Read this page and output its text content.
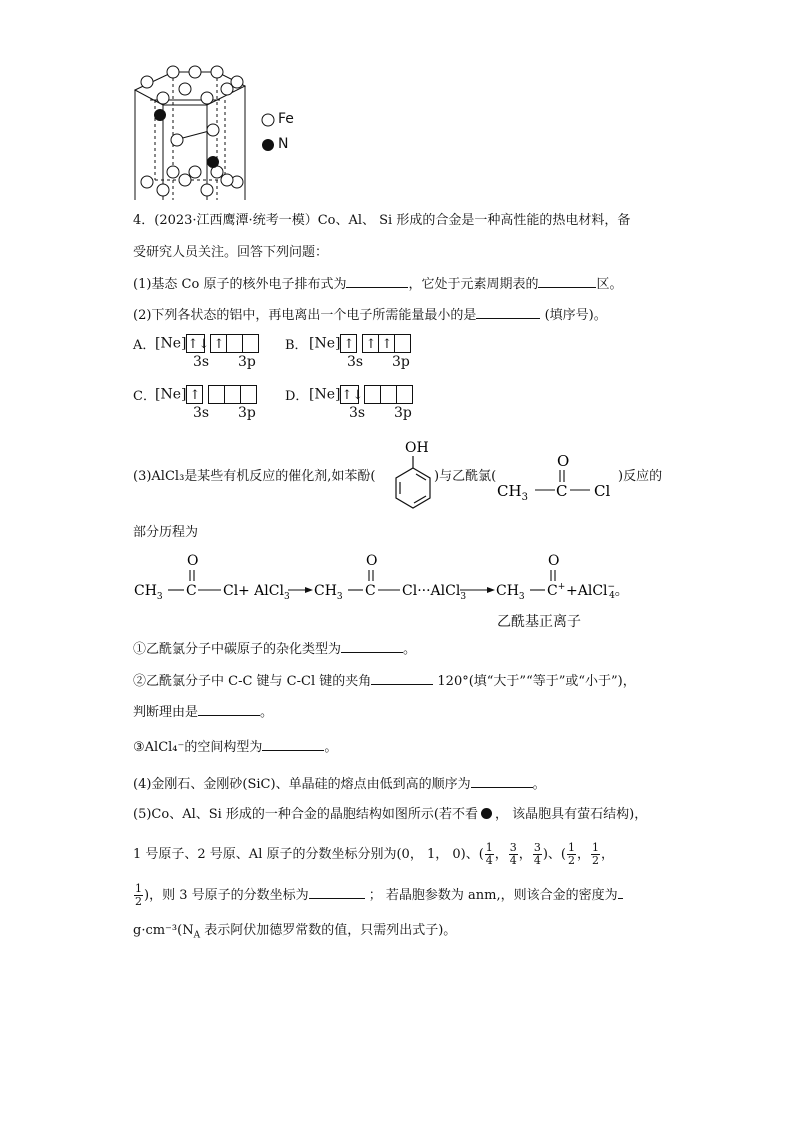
Fe
N
4．(2023·江西鹰潭·统考一模）Co、Al、 Si 形成的合金是一种高性能的热电材料，备
受研究人员关注。回答下列问题：
(1)基态 Co 原子的核外电子排布式为	，它处于元素周期表的	区。
(2)下列各状态的铝中，再电离出一个电子所需能量最小的是	(填序号)。
A．[Ne]↑↓ ↑
3s 3p
B．[Ne] ↑ ↑ ↑
3s 3p
C．[Ne] ↑
3s 3p
D．[Ne]↑↓
3s 3p
(3)AlCl₃是某些有机反应的催化剂,如苯酚(
OH
)与乙酰氯(
O
$CH_3$ C Cl
)反应的
部分历程为
O
$CH_3$ C Cl + AlCl$_3$
O
$CH_3$ C Cl···AlCl$_3$
O
$CH_3$ C+ +AlCl− 4。
乙酰基正离子
①乙酰氯分子中碳原子的杂化类型为	。
②乙酰氯分子中 C-C 键与 C-Cl 键的夹角	120°(填“大于”“等于”或“小于”)，
判断理由是	。
③AlCl₄⁻的空间构型为	。
(4)金刚石、金刚砂(SiC)、单晶硅的熔点由低到高的顺序为	。
(5)Co、Al、Si 形成的一种合金的晶胞结构如图所示(若不看 ， 该晶胞具有萤石结构)，
1 号原子、2 号原、Al 原子的分数坐标分别为(0， 1， 0)、( $\frac{1}{4}$ ， $\frac{3}{4}$ ， $\frac{3}{4}$ )、( $\frac{1}{2}$ ， $\frac{1}{2}$ ，
$\frac{1}{2}$ )，则 3 号原子的分数坐标为	； 若晶胞参数为 anm,，则该合金的密度为
$g\cdot cm^{-3}(N_A$ 表示阿伏加德罗常数的值，只需列出式子)。
